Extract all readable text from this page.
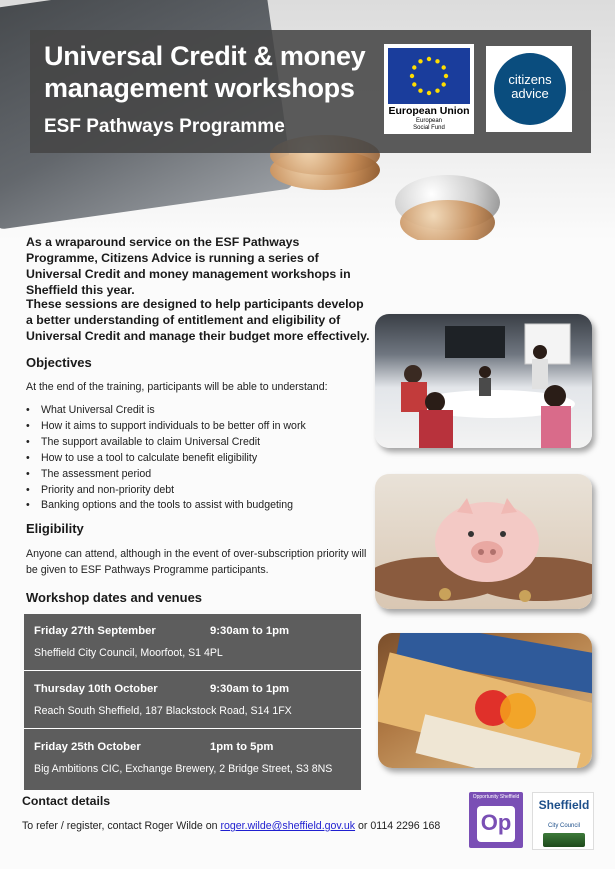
Universal Credit & money management workshops
ESF Pathways Programme
European Union
European
Social Fund
citizens
advice
As a wraparound service on the ESF Pathways Programme, Citizens Advice is running a series of Universal Credit and money management workshops in Sheffield this year.
These sessions are designed to help participants develop a better understanding of entitlement and eligibility of Universal Credit and manage their budget more effectively.
Objectives
At the end of the training, participants will be able to understand:
• What Universal Credit is
• How it aims to support individuals to be better off in work
• The support available to claim Universal Credit
• How to use a tool to calculate benefit eligibility
• The assessment period
• Priority and non-priority debt
• Banking options and the tools to assist with budgeting
Eligibility
Anyone can attend, although in the event of over-subscription priority will be given to ESF Pathways Programme participants.
Workshop dates and venues
Friday 27th September	9:30am to 1pm
Sheffield City Council, Moorfoot, S1 4PL
Thursday 10th October	9:30am to 1pm
Reach South Sheffield, 187 Blackstock Road, S14 1FX
Friday 25th October	1pm to 5pm
Big Ambitions CIC, Exchange Brewery, 2 Bridge Street, S3 8NS
Contact details
To refer / register, contact Roger Wilde on roger.wilde@sheffield.gov.uk or 0114 2296 168
Opportunity Sheffield
Op
Sheffield
City Council
